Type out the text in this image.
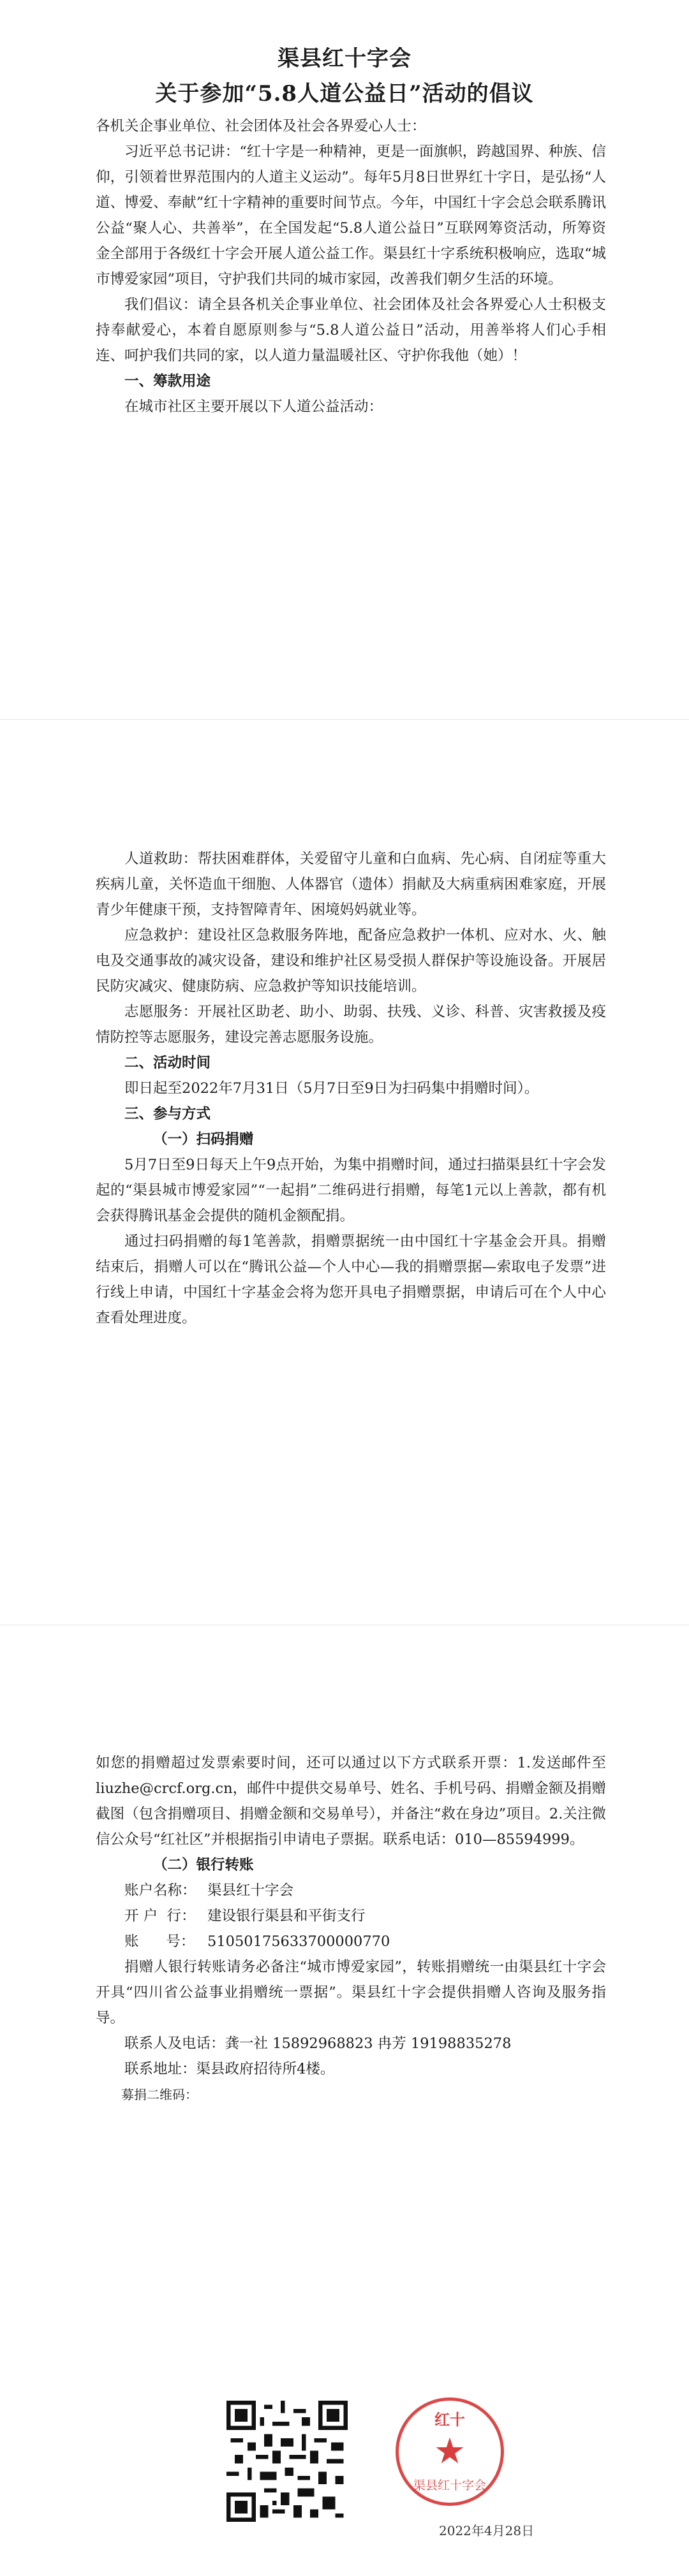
渠县红十字会
关于参加“5.8人道公益日”活动的倡议

各机关企事业单位、社会团体及社会各界爱心人士：

习近平总书记讲：“红十字是一种精神，更是一面旗帜，跨越国界、种族、信仰，引领着世界范围内的人道主义运动”。每年5月8日世界红十字日，是弘扬“人道、博爱、奉献”红十字精神的重要时间节点。今年，中国红十字会总会联系腾讯公益“聚人心、共善举”，在全国发起“5.8人道公益日”互联网筹资活动，所筹资金全部用于各级红十字会开展人道公益工作。渠县红十字系统积极响应，选取“城市博爱家园”项目，守护我们共同的城市家园，改善我们朝夕生活的环境。

我们倡议：请全县各机关企事业单位、社会团体及社会各界爱心人士积极支持奉献爱心，本着自愿原则参与“5.8人道公益日”活动，用善举将人们心手相连、呵护我们共同的家，以人道力量温暖社区、守护你我他（她）！

一、筹款用途

在城市社区主要开展以下人道公益活动：

人道救助：帮扶困难群体，关爱留守儿童和白血病、先心病、自闭症等重大疾病儿童，关怀造血干细胞、人体器官（遗体）捐献及大病重病困难家庭，开展青少年健康干预，支持智障青年、困境妈妈就业等。

应急救护：建设社区急救服务阵地，配备应急救护一体机、应对水、火、触电及交通事故的减灾设备，建设和维护社区易受损人群保护等设施设备。开展居民防灾减灾、健康防病、应急救护等知识技能培训。

志愿服务：开展社区助老、助小、助弱、扶残、义诊、科普、灾害救援及疫情防控等志愿服务，建设完善志愿服务设施。

二、活动时间

即日起至2022年7月31日（5月7日至9日为扫码集中捐赠时间）。

三、参与方式

（一）扫码捐赠

5月7日至9日每天上午9点开始，为集中捐赠时间，通过扫描渠县红十字会发起的“渠县城市博爱家园”“一起捐”二维码进行捐赠，每笔1元以上善款，都有机会获得腾讯基金会提供的随机金额配捐。

通过扫码捐赠的每1笔善款，捐赠票据统一由中国红十字基金会开具。捐赠结束后，捐赠人可以在“腾讯公益—个人中心—我的捐赠票据—索取电子发票”进行线上申请，中国红十字基金会将为您开具电子捐赠票据，申请后可在个人中心查看处理进度。

如您的捐赠超过发票索要时间，还可以通过以下方式联系开票：1.发送邮件至liuzhe@crcf.org.cn，邮件中提供交易单号、姓名、手机号码、捐赠金额及捐赠截图（包含捐赠项目、捐赠金额和交易单号），并备注“救在身边”项目。2.关注微信公众号“红社区”并根据指引申请电子票据。联系电话：010—85594999。

（二）银行转账

账户名称： 渠县红十字会
开 户  行： 建设银行渠县和平街支行
账      号： 51050175633700000770

捐赠人银行转账请务必备注“城市博爱家园”，转账捐赠统一由渠县红十字会开具“四川省公益事业捐赠统一票据”。渠县红十字会提供捐赠人咨询及服务指导。

联系人及电话：龚一社 15892968823 冉芳 19198835278

联系地址：渠县政府招待所4楼。

募捐二维码：

红十
★
渠县红十字会
2022年4月28日
